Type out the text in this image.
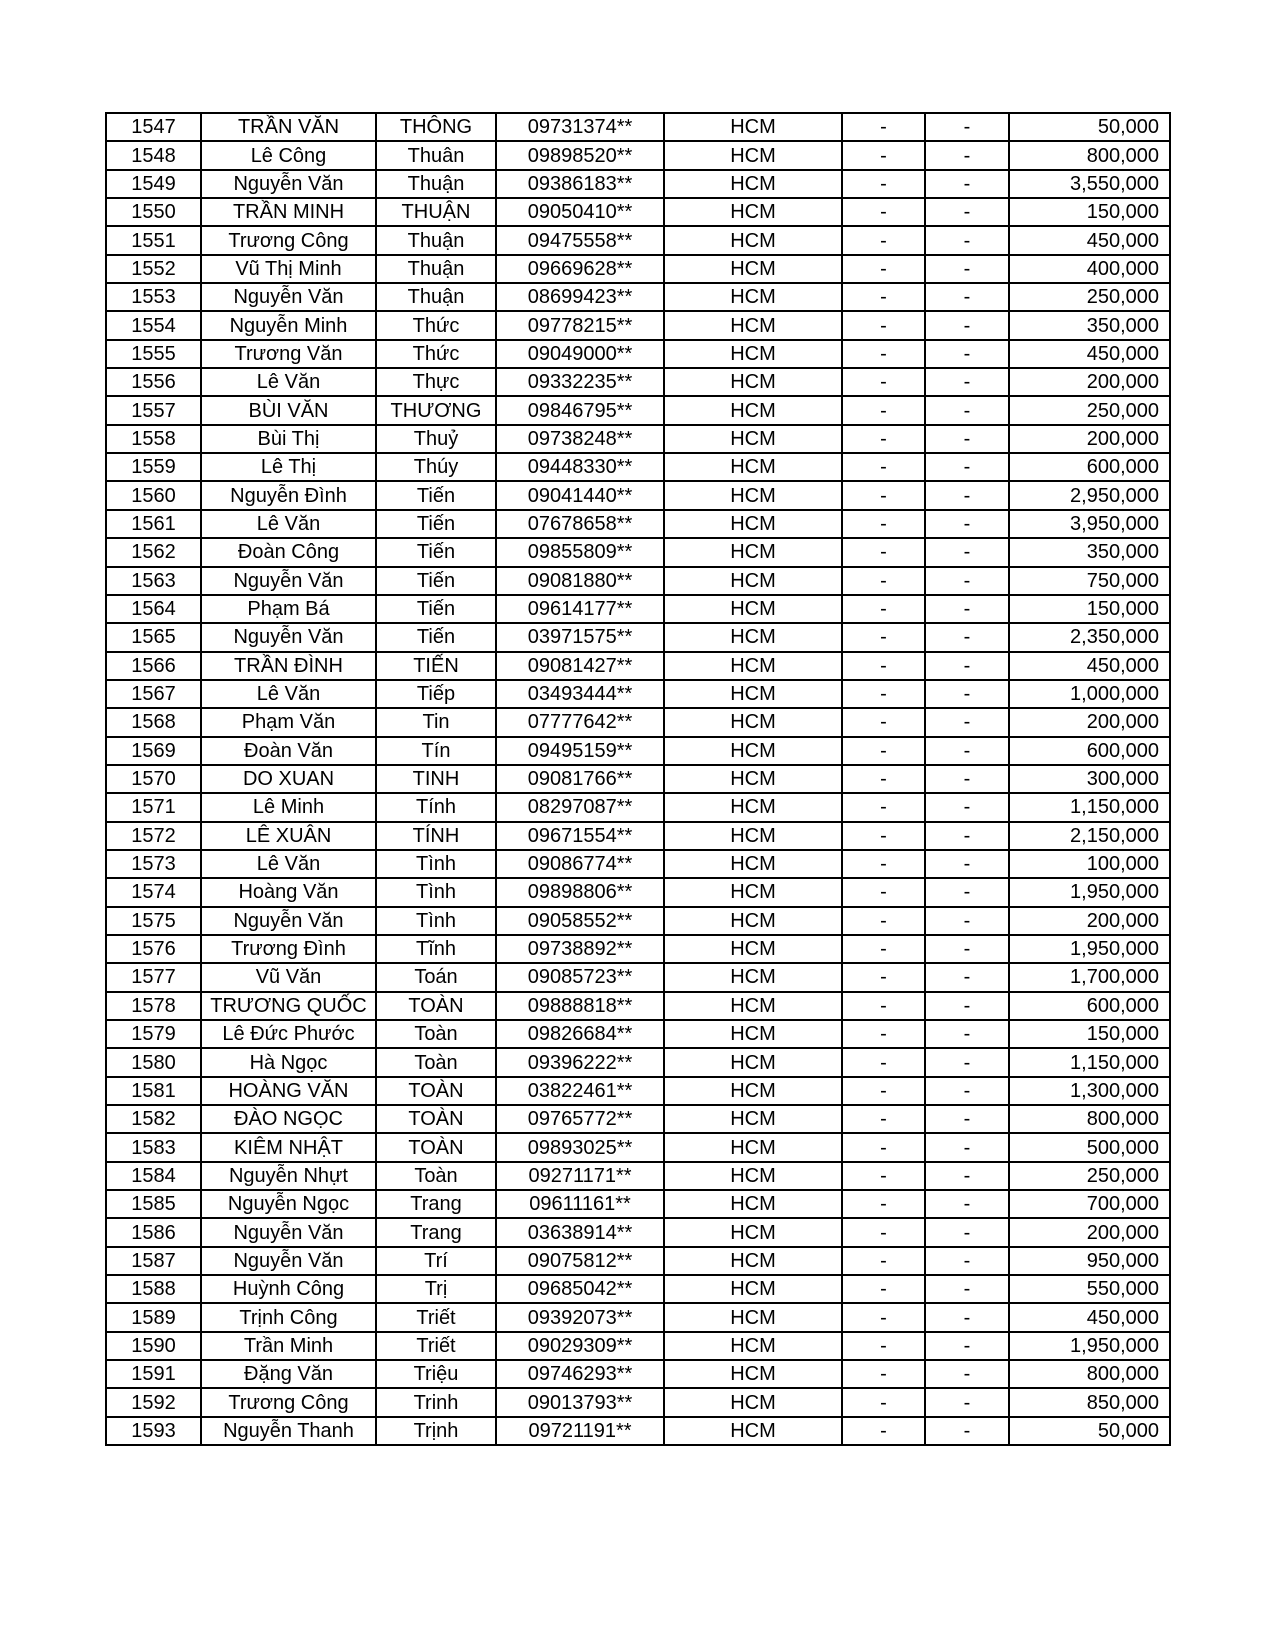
1547	TRẦN VĂN	THÔNG	09731374**	HCM	-	-	50,000
1548	Lê Công	Thuân	09898520**	HCM	-	-	800,000
1549	Nguyễn Văn	Thuận	09386183**	HCM	-	-	3,550,000
1550	TRẦN MINH	THUẬN	09050410**	HCM	-	-	150,000
1551	Trương Công	Thuận	09475558**	HCM	-	-	450,000
1552	Vũ Thị Minh	Thuận	09669628**	HCM	-	-	400,000
1553	Nguyễn Văn	Thuận	08699423**	HCM	-	-	250,000
1554	Nguyễn Minh	Thức	09778215**	HCM	-	-	350,000
1555	Trương Văn	Thức	09049000**	HCM	-	-	450,000
1556	Lê Văn	Thực	09332235**	HCM	-	-	200,000
1557	BÙI VĂN	THƯƠNG	09846795**	HCM	-	-	250,000
1558	Bùi Thị	Thuỷ	09738248**	HCM	-	-	200,000
1559	Lê Thị	Thúy	09448330**	HCM	-	-	600,000
1560	Nguyễn Đình	Tiến	09041440**	HCM	-	-	2,950,000
1561	Lê Văn	Tiến	07678658**	HCM	-	-	3,950,000
1562	Đoàn Công	Tiến	09855809**	HCM	-	-	350,000
1563	Nguyễn Văn	Tiến	09081880**	HCM	-	-	750,000
1564	Phạm Bá	Tiến	09614177**	HCM	-	-	150,000
1565	Nguyễn Văn	Tiến	03971575**	HCM	-	-	2,350,000
1566	TRẦN ĐÌNH	TIẾN	09081427**	HCM	-	-	450,000
1567	Lê Văn	Tiếp	03493444**	HCM	-	-	1,000,000
1568	Phạm Văn	Tin	07777642**	HCM	-	-	200,000
1569	Đoàn Văn	Tín	09495159**	HCM	-	-	600,000
1570	DO XUAN	TINH	09081766**	HCM	-	-	300,000
1571	Lê Minh	Tính	08297087**	HCM	-	-	1,150,000
1572	LÊ XUÂN	TÍNH	09671554**	HCM	-	-	2,150,000
1573	Lê Văn	Tình	09086774**	HCM	-	-	100,000
1574	Hoàng Văn	Tình	09898806**	HCM	-	-	1,950,000
1575	Nguyễn Văn	Tình	09058552**	HCM	-	-	200,000
1576	Trương Đình	Tĩnh	09738892**	HCM	-	-	1,950,000
1577	Vũ Văn	Toán	09085723**	HCM	-	-	1,700,000
1578	TRƯƠNG QUỐC	TOÀN	09888818**	HCM	-	-	600,000
1579	Lê Đức Phước	Toàn	09826684**	HCM	-	-	150,000
1580	Hà Ngọc	Toàn	09396222**	HCM	-	-	1,150,000
1581	HOÀNG VĂN	TOÀN	03822461**	HCM	-	-	1,300,000
1582	ĐÀO NGỌC	TOÀN	09765772**	HCM	-	-	800,000
1583	KIÊM NHẬT	TOÀN	09893025**	HCM	-	-	500,000
1584	Nguyễn Nhựt	Toàn	09271171**	HCM	-	-	250,000
1585	Nguyễn Ngọc	Trang	09611161**	HCM	-	-	700,000
1586	Nguyễn Văn	Trang	03638914**	HCM	-	-	200,000
1587	Nguyễn Văn	Trí	09075812**	HCM	-	-	950,000
1588	Huỳnh Công	Trị	09685042**	HCM	-	-	550,000
1589	Trịnh Công	Triết	09392073**	HCM	-	-	450,000
1590	Trần Minh	Triết	09029309**	HCM	-	-	1,950,000
1591	Đặng Văn	Triệu	09746293**	HCM	-	-	800,000
1592	Trương Công	Trinh	09013793**	HCM	-	-	850,000
1593	Nguyễn Thanh	Trịnh	09721191**	HCM	-	-	50,000
